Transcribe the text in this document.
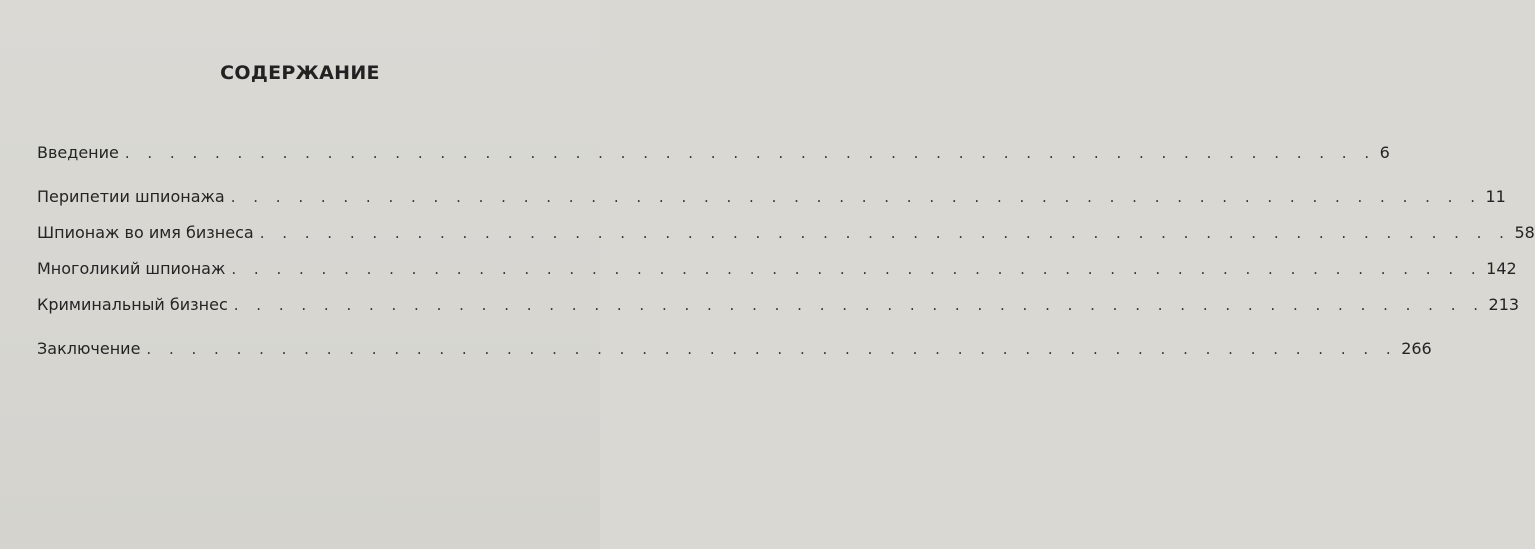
СОДЕРЖАНИЕ
Введение . . . . . . . . . . . . . . . . . . . . . . . . . . . . . . . . . . . . . . . . . . . . . . . . . . . . . . . . 6
Перипетии шпионажа . . . . . . . . . . . . . . . . . . . . . . . . . . . . . . . . . . . . . . . . . . . . . . . . . . . . . . . . 11
Шпионаж во имя бизнеса . . . . . . . . . . . . . . . . . . . . . . . . . . . . . . . . . . . . . . . . . . . . . . . . . . . . . . . . 58
Многоликий шпионаж . . . . . . . . . . . . . . . . . . . . . . . . . . . . . . . . . . . . . . . . . . . . . . . . . . . . . . . . 142
Криминальный бизнес . . . . . . . . . . . . . . . . . . . . . . . . . . . . . . . . . . . . . . . . . . . . . . . . . . . . . . . . 213
Заключение . . . . . . . . . . . . . . . . . . . . . . . . . . . . . . . . . . . . . . . . . . . . . . . . . . . . . . . . 266
